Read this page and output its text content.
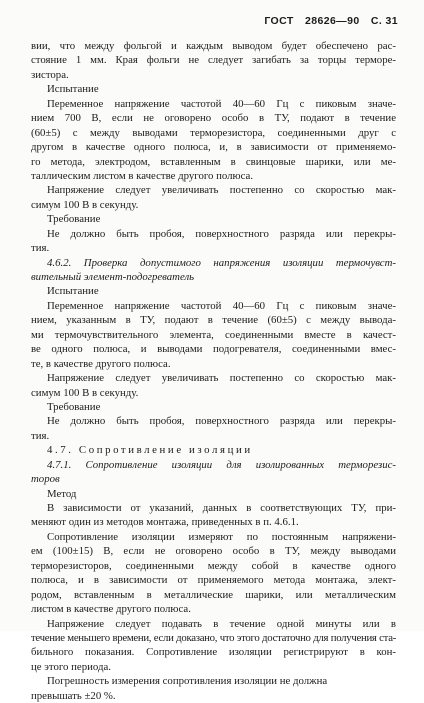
ГОСТ 28626—90 С. 31
вии, что между фольгой и каждым выводом будет обеспечено рас-
стояние 1 мм. Края фольги не следует загибать за торцы терморе-
зистора.
Испытание
Переменное напряжение частотой 40—60 Гц с пиковым значе-
нием 700 В, если не оговорено особо в ТУ, подают в течение
(60±5) с между выводами терморезистора, соединенными друг с
другом в качестве одного полюса, и, в зависимости от применяемо-
го метода, электродом, вставленным в свинцовые шарики, или ме-
таллическим листом в качестве другого полюса.
Напряжение следует увеличивать постепенно со скоростью мак-
симум 100 В в секунду.
Требование
Не должно быть пробоя, поверхностного разряда или перекры-
тия.
4.6.2. Проверка допустимого напряжения изоляции термочувст-
вительный элемент-подогреватель
Испытание
Переменное напряжение частотой 40—60 Гц с пиковым значе-
нием, указанным в ТУ, подают в течение (60±5) с между вывода-
ми термочувствительного элемента, соединенными вместе в качест-
ве одного полюса, и выводами подогревателя, соединенными вмес-
те, в качестве другого полюса.
Напряжение следует увеличивать постепенно со скоростью мак-
симум 100 В в секунду.
Требование
Не должно быть пробоя, поверхностного разряда или перекры-
тия.
4.7. Сопротивление изоляции
4.7.1. Сопротивление изоляции для изолированных терморезис-
торов
Метод
В зависимости от указаний, данных в соответствующих ТУ, при-
меняют один из методов монтажа, приведенных в п. 4.6.1.
Сопротивление изоляции измеряют по постоянным напряжени-
ем (100±15) В, если не оговорено особо в ТУ, между выводами
терморезисторов, соединенными между собой в качестве одного
полюса, и в зависимости от применяемого метода монтажа, элект-
родом, вставленным в металлические шарики, или металлическим
листом в качестве другого полюса.
Напряжение следует подавать в течение одной минуты или в
течение меньшего времени, если доказано, что этого достаточно для получения ста-
бильного показания. Сопротивление изоляции регистрируют в кон-
це этого периода.
Погрешность измерения сопротивления изоляции не должна
превышать ±20 %.
